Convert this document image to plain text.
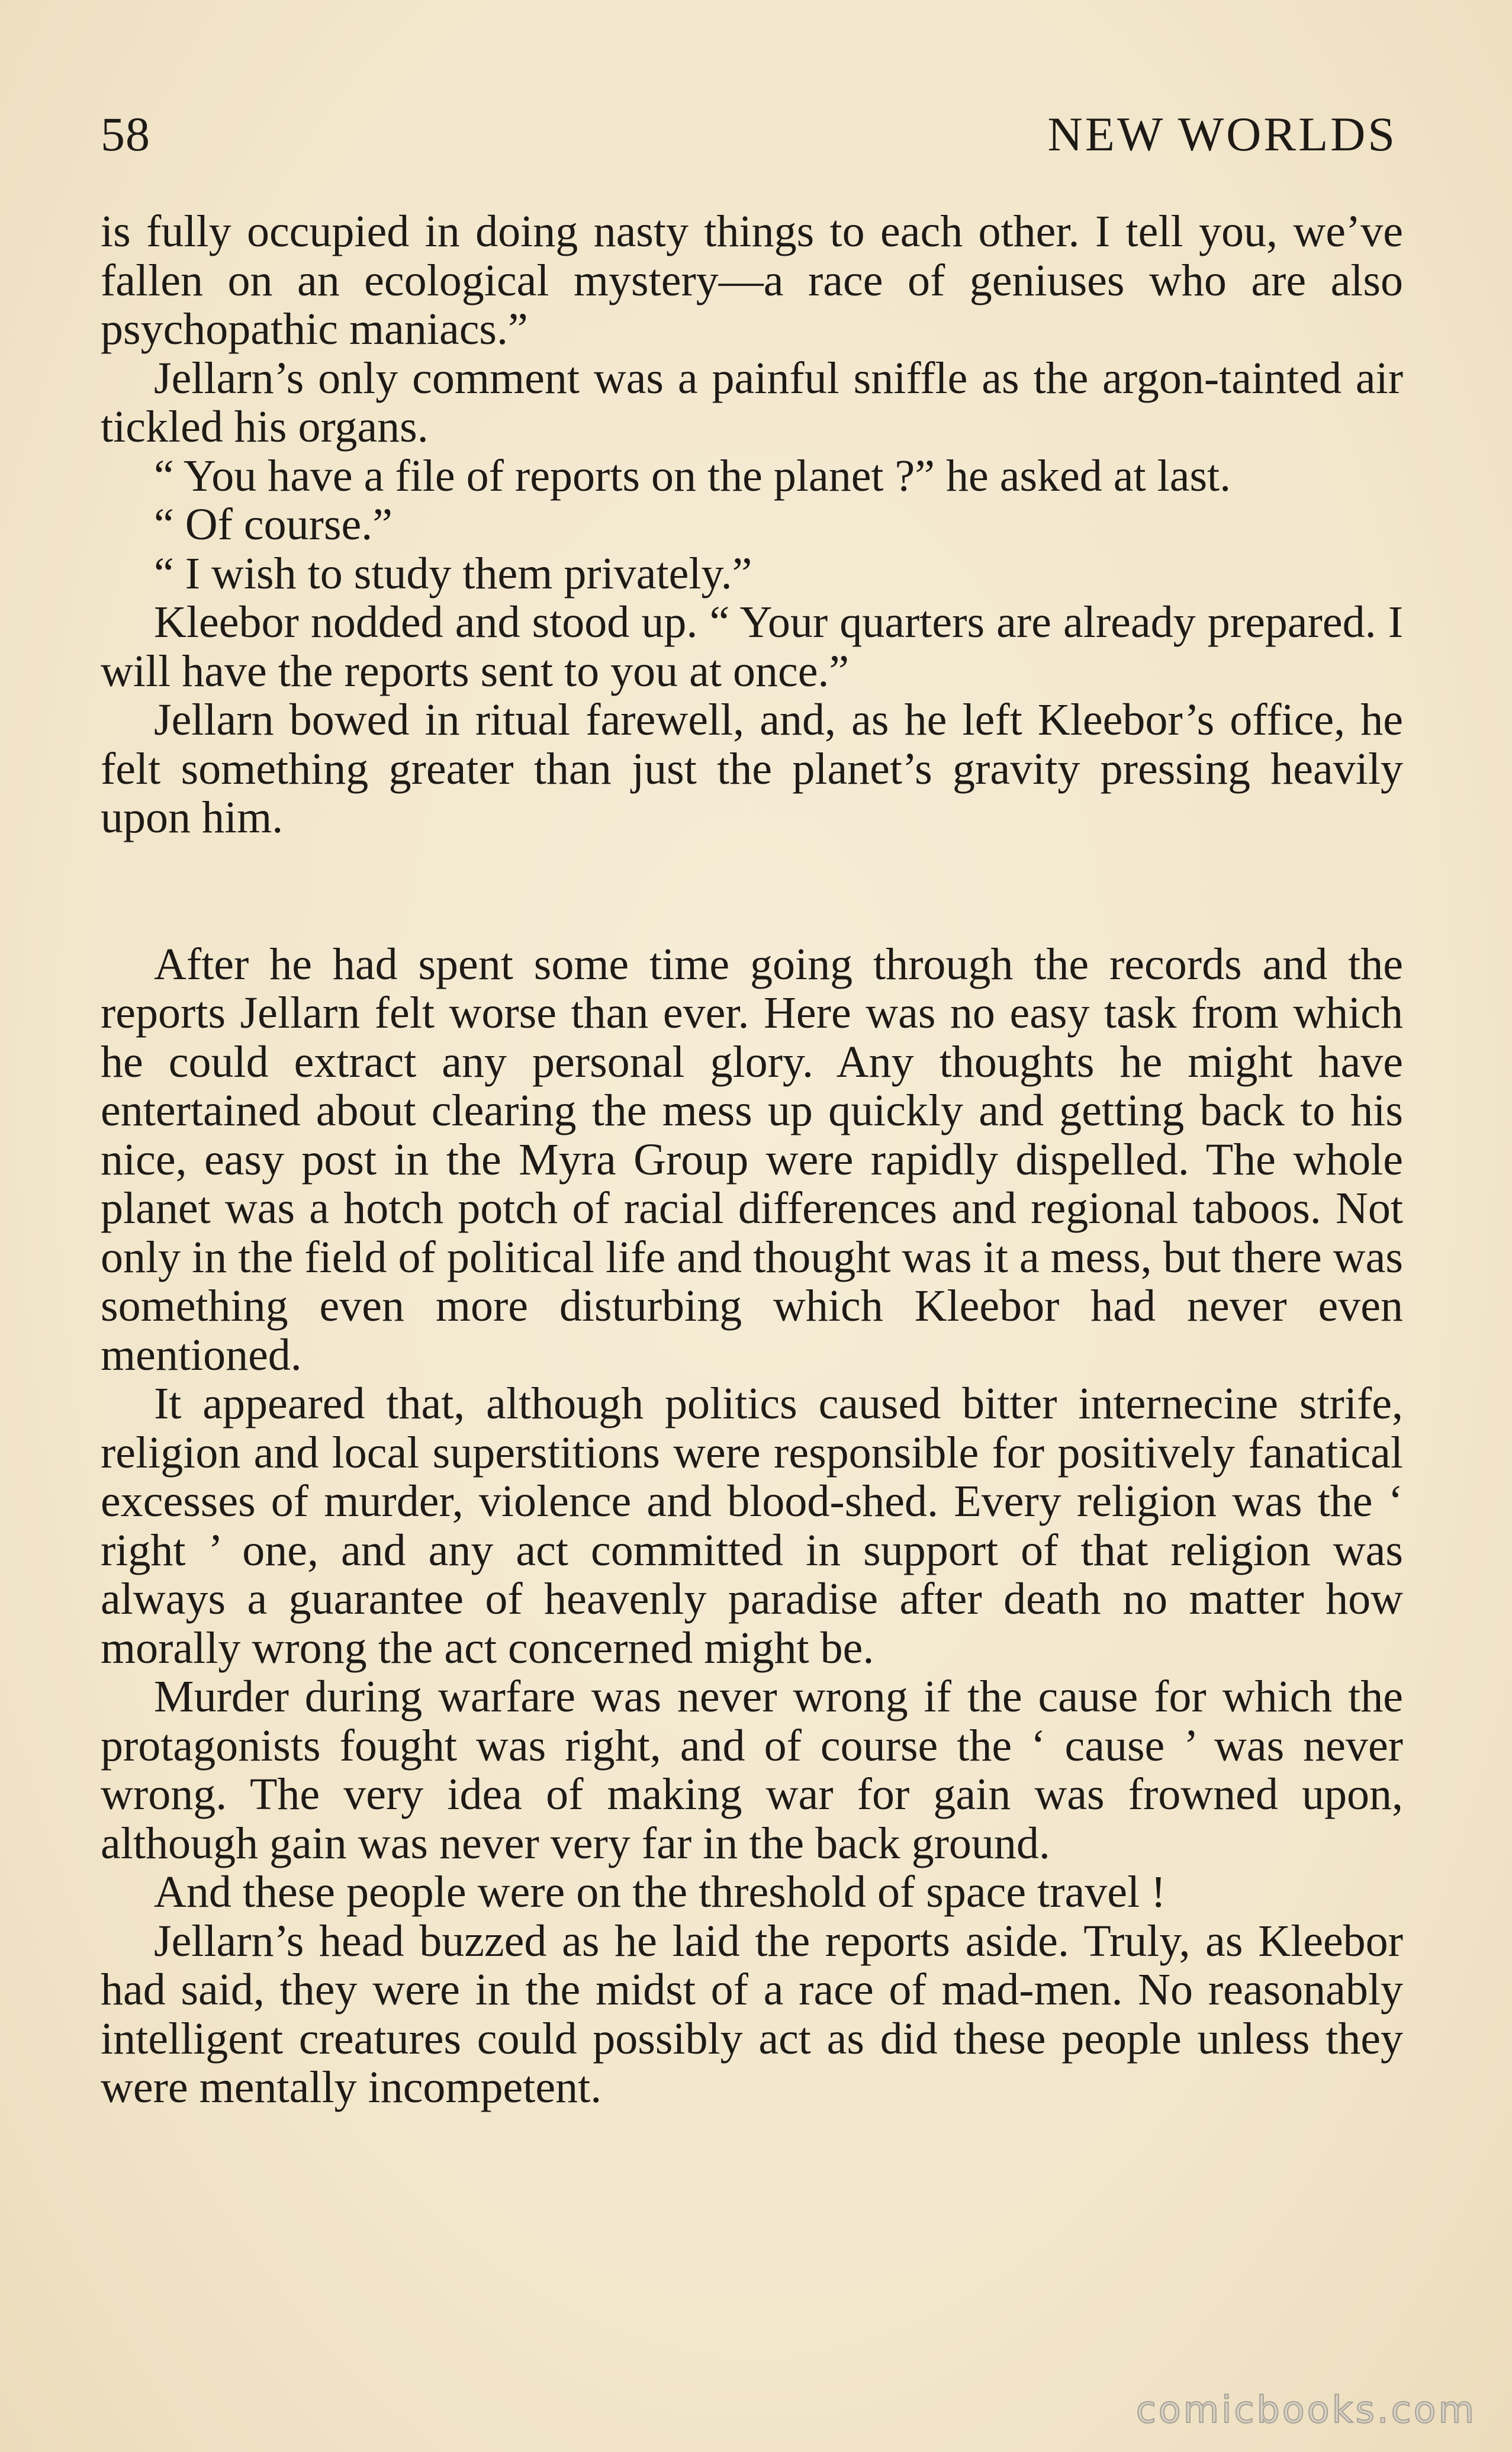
58	NEW WORLDS

is fully occupied in doing nasty things to each other. I tell you, we’ve fallen on an ecological mystery—a race of geniuses who are also psychopathic maniacs.”

Jellarn’s only comment was a painful sniffle as the argon-tainted air tickled his organs.

“ You have a file of reports on the planet ?” he asked at last.

“ Of course.”

“ I wish to study them privately.”

Kleebor nodded and stood up. “ Your quarters are already prepared. I will have the reports sent to you at once.”

Jellarn bowed in ritual farewell, and, as he left Kleebor’s office, he felt something greater than just the planet’s gravity pressing heavily upon him.

After he had spent some time going through the records and the reports Jellarn felt worse than ever. Here was no easy task from which he could extract any personal glory. Any thoughts he might have entertained about clearing the mess up quickly and getting back to his nice, easy post in the Myra Group were rapidly dispelled. The whole planet was a hotch potch of racial differences and regional taboos. Not only in the field of political life and thought was it a mess, but there was something even more disturbing which Kleebor had never even mentioned.

It appeared that, although politics caused bitter internecine strife, religion and local superstitions were responsible for positively fanatical excesses of murder, violence and blood-shed. Every religion was the ‘ right ’ one, and any act committed in support of that religion was always a guarantee of heavenly paradise after death no matter how morally wrong the act concerned might be.

Murder during warfare was never wrong if the cause for which the protagonists fought was right, and of course the ‘ cause ’ was never wrong. The very idea of making war for gain was frowned upon, although gain was never very far in the back ground.

And these people were on the threshold of space travel !

Jellarn’s head buzzed as he laid the reports aside. Truly, as Kleebor had said, they were in the midst of a race of mad-men. No reasonably intelligent creatures could possibly act as did these people unless they were mentally incompetent.

comicbooks.com
